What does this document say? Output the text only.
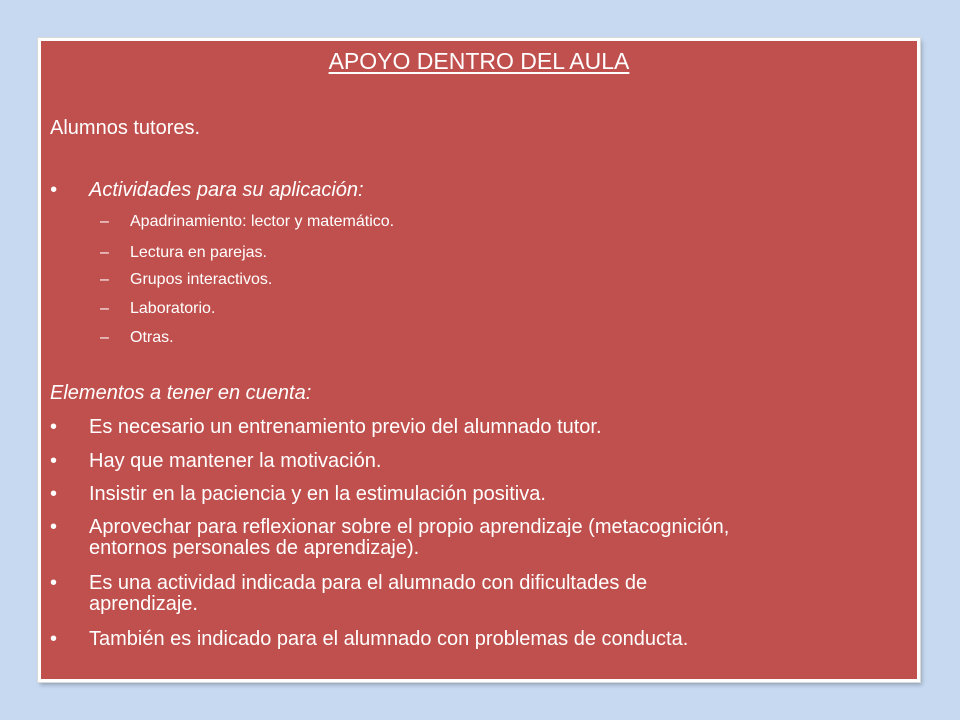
APOYO DENTRO DEL AULA
Alumnos tutores.
•	Actividades para su aplicación:
– Apadrinamiento: lector y matemático.
– Lectura en parejas.
– Grupos interactivos.
– Laboratorio.
– Otras.
Elementos a tener en cuenta:
•	Es necesario un entrenamiento previo del alumnado tutor.
•	Hay que mantener la motivación.
•	Insistir en la paciencia y en la estimulación positiva.
•	Aprovechar para reflexionar sobre el propio aprendizaje (metacognición,
entornos personales de aprendizaje).
•	Es una actividad indicada para el alumnado con dificultades de
aprendizaje.
•	También es indicado para el alumnado con problemas de conducta.
